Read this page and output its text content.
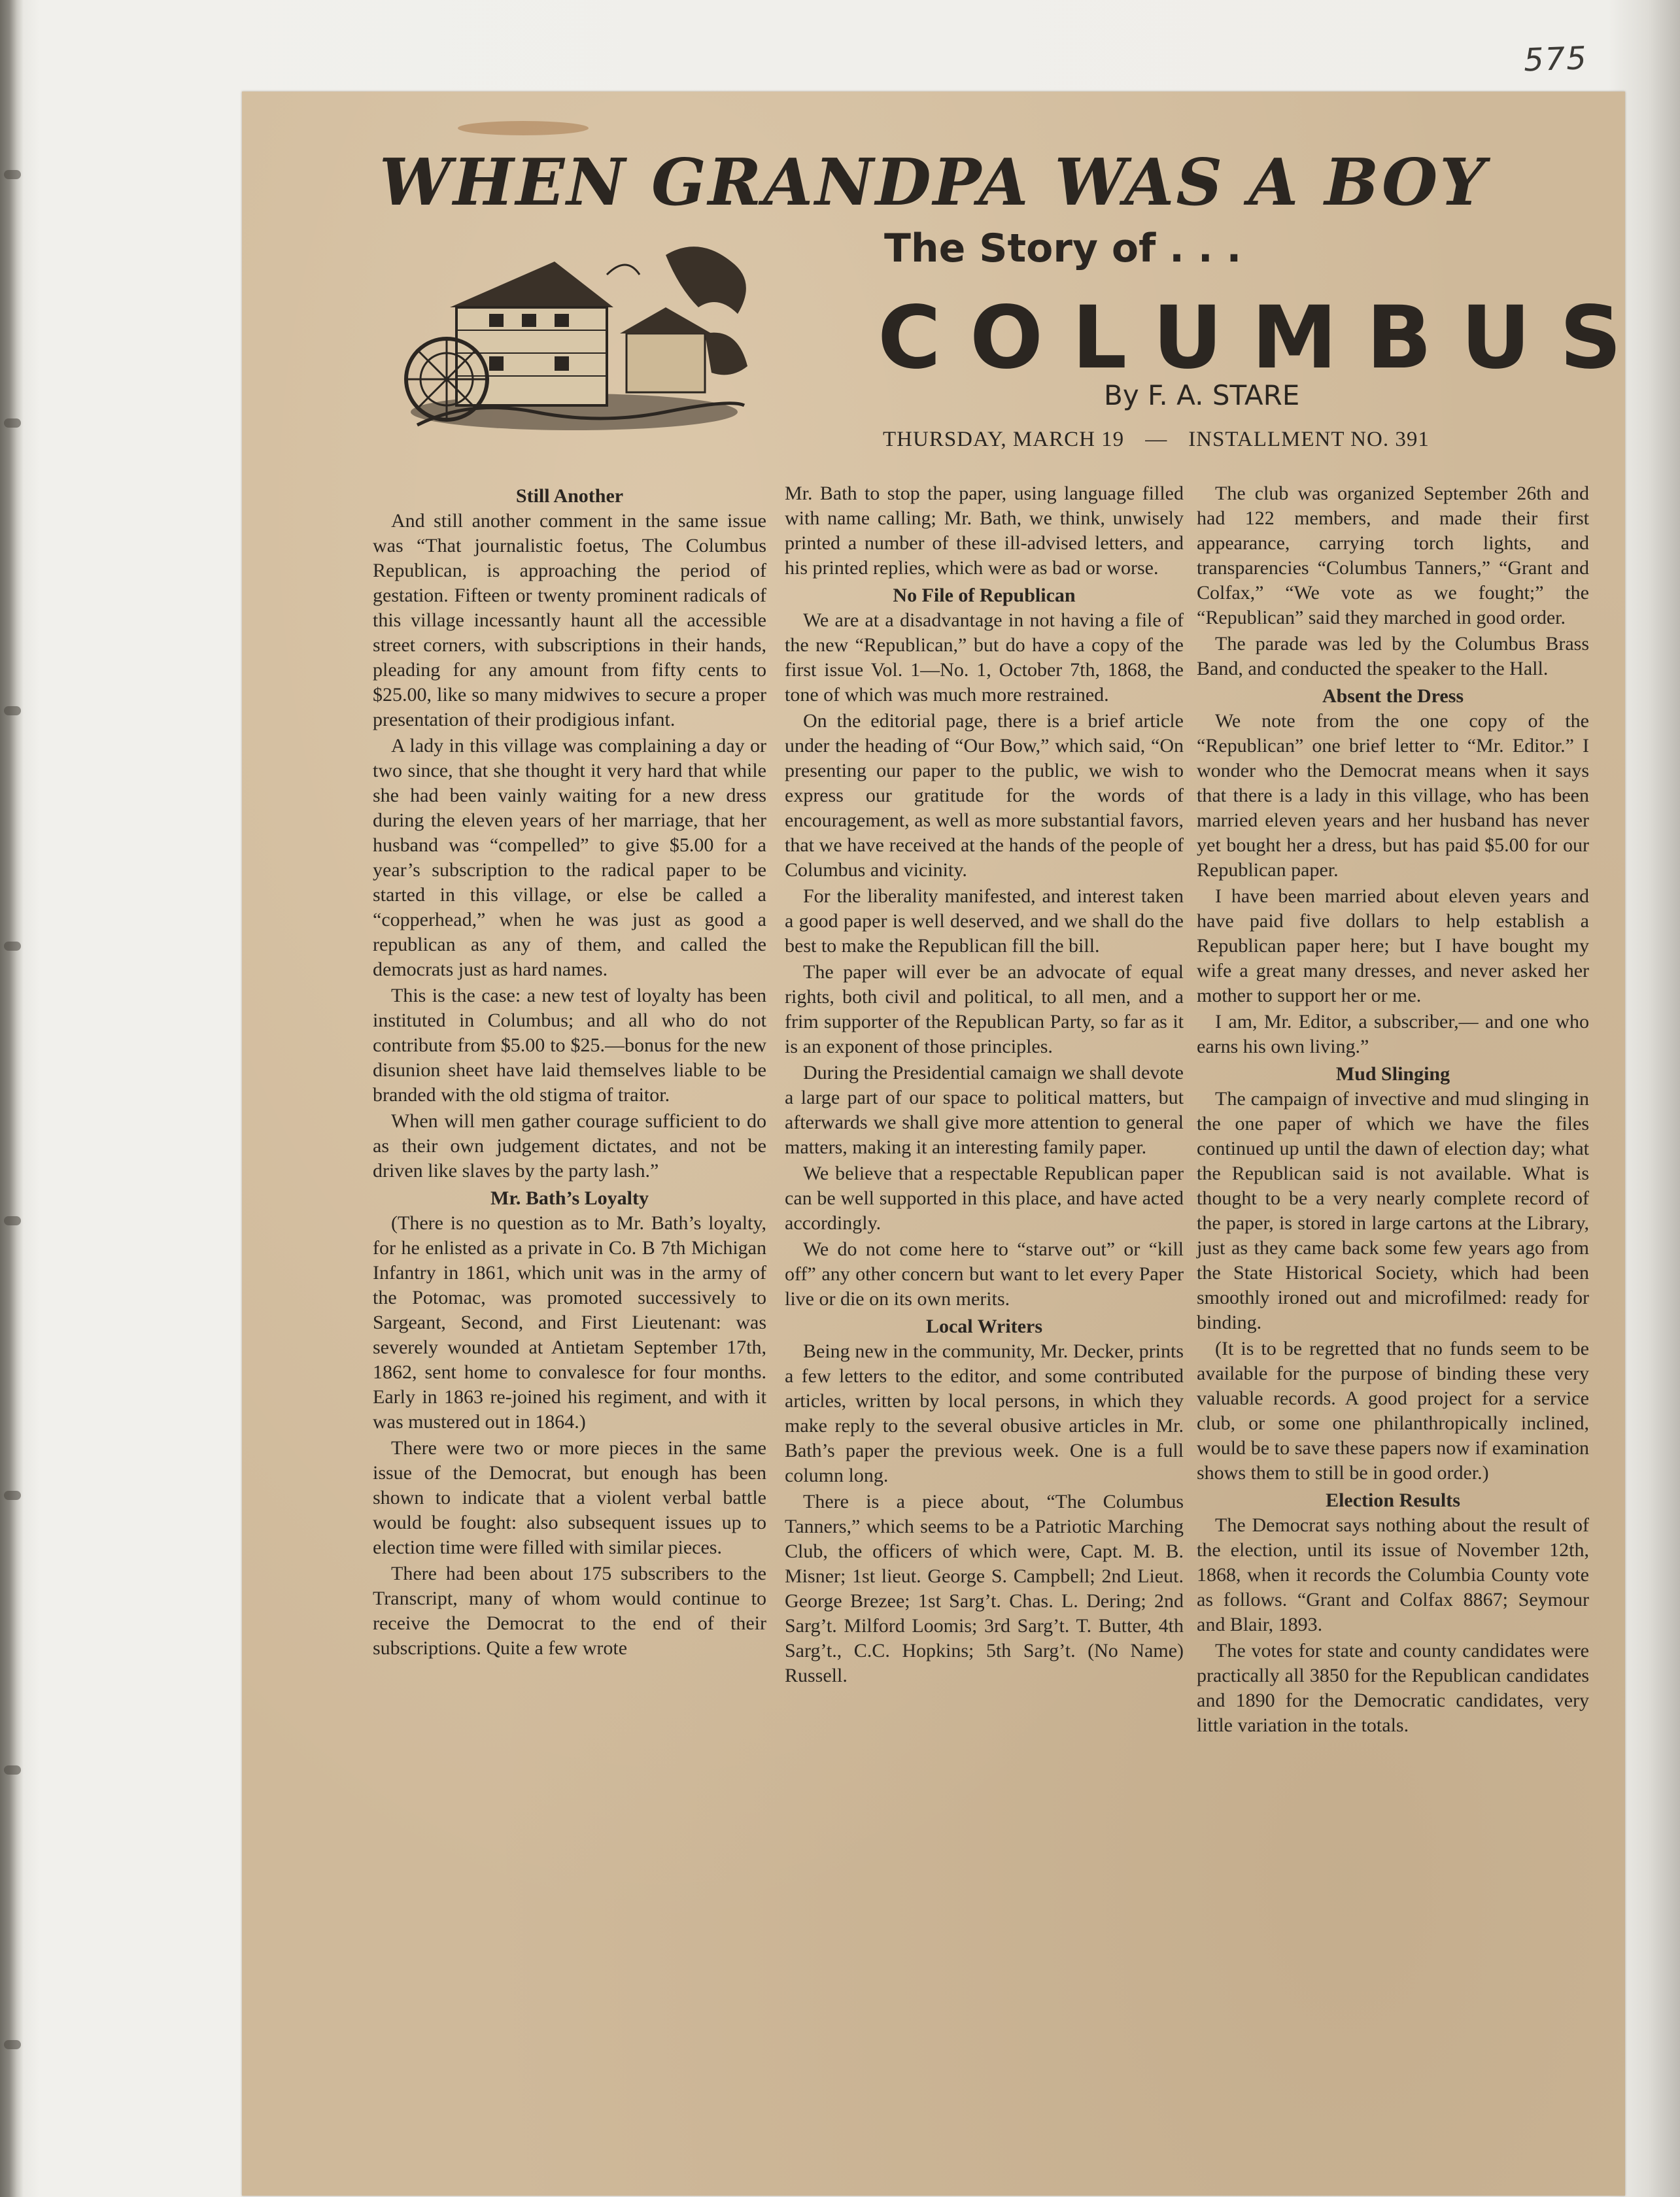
575
WHEN GRANDPA WAS A BOY
The Story of . . .
COLUMBUS
By F. A. STARE
THURSDAY, MARCH 19 — INSTALLMENT NO. 391
Still Another

And still another comment in the same issue was “That journalistic foetus, The Columbus Republican, is approaching the period of gestation. Fifteen or twenty prominent radicals of this village incessantly haunt all the accessible street corners, with subscriptions in their hands, pleading for any amount from fifty cents to $25.00, like so many midwives to secure a proper presentation of their prodigious infant.

A lady in this village was complaining a day or two since, that she thought it very hard that while she had been vainly waiting for a new dress during the eleven years of her marriage, that her husband was “compelled” to give $5.00 for a year’s subscription to the radical paper to be started in this village, or else be called a “copperhead,” when he was just as good a republican as any of them, and called the democrats just as hard names.

This is the case: a new test of loyalty has been instituted in Columbus; and all who do not contribute from $5.00 to $25.—bonus for the new disunion sheet have laid themselves liable to be branded with the old stigma of traitor.

When will men gather courage sufficient to do as their own judgement dictates, and not be driven like slaves by the party lash.”

Mr. Bath’s Loyalty

(There is no question as to Mr. Bath’s loyalty, for he enlisted as a private in Co. B 7th Michigan Infantry in 1861, which unit was in the army of the Potomac, was promoted successively to Sargeant, Second, and First Lieutenant: was severely wounded at Antietam September 17th, 1862, sent home to convalesce for four months. Early in 1863 re-joined his regiment, and with it was mustered out in 1864.)

There were two or more pieces in the same issue of the Democrat, but enough has been shown to indicate that a violent verbal battle would be fought: also subsequent issues up to election time were filled with similar pieces.

There had been about 175 subscribers to the Transcript, many of whom would continue to receive the Democrat to the end of their subscriptions. Quite a few wrote

Mr. Bath to stop the paper, using language filled with name calling; Mr. Bath, we think, unwisely printed a number of these ill-advised letters, and his printed replies, which were as bad or worse.

No File of Republican

We are at a disadvantage in not having a file of the new “Republican,” but do have a copy of the first issue Vol. 1—No. 1, October 7th, 1868, the tone of which was much more restrained.

On the editorial page, there is a brief article under the heading of “Our Bow,” which said, “On presenting our paper to the public, we wish to express our gratitude for the words of encouragement, as well as more substantial favors, that we have received at the hands of the people of Columbus and vicinity.

For the liberality manifested, and interest taken a good paper is well deserved, and we shall do the best to make the Republican fill the bill.

The paper will ever be an advocate of equal rights, both civil and political, to all men, and a frim supporter of the Republican Party, so far as it is an exponent of those principles.

During the Presidential camaign we shall devote a large part of our space to political matters, but afterwards we shall give more attention to general matters, making it an interesting family paper.

We believe that a respectable Republican paper can be well supported in this place, and have acted accordingly.

We do not come here to “starve out” or “kill off” any other concern but want to let every Paper live or die on its own merits.

Local Writers

Being new in the community, Mr. Decker, prints a few letters to the editor, and some contributed articles, written by local persons, in which they make reply to the several obusive articles in Mr. Bath’s paper the previous week. One is a full column long.

There is a piece about, “The Columbus Tanners,” which seems to be a Patriotic Marching Club, the officers of which were, Capt. M. B. Misner; 1st lieut. George S. Campbell; 2nd Lieut. George Brezee; 1st Sarg’t. Chas. L. Dering; 2nd Sarg’t. Milford Loomis; 3rd Sarg’t. T. Butter, 4th Sarg’t., C.C. Hopkins; 5th Sarg’t. (No Name) Russell.

The club was organized September 26th and had 122 members, and made their first appearance, carrying torch lights, and transparencies “Columbus Tanners,” “Grant and Colfax,” “We vote as we fought;” the “Republican” said they marched in good order.

The parade was led by the Columbus Brass Band, and conducted the speaker to the Hall.

Absent the Dress

We note from the one copy of the “Republican” one brief letter to “Mr. Editor.” I wonder who the Democrat means when it says that there is a lady in this village, who has been married eleven years and her husband has never yet bought her a dress, but has paid $5.00 for our Republican paper.

I have been married about eleven years and have paid five dollars to help establish a Republican paper here; but I have bought my wife a great many dresses, and never asked her mother to support her or me.

I am, Mr. Editor, a subscriber,— and one who earns his own living.”

Mud Slinging

The campaign of invective and mud slinging in the one paper of which we have the files continued up until the dawn of election day; what the Republican said is not available. What is thought to be a very nearly complete record of the paper, is stored in large cartons at the Library, just as they came back some few years ago from the State Historical Society, which had been smoothly ironed out and microfilmed: ready for binding.

(It is to be regretted that no funds seem to be available for the purpose of binding these very valuable records. A good project for a service club, or some one philanthropically inclined, would be to save these papers now if examination shows them to still be in good order.)

Election Results

The Democrat says nothing about the result of the election, until its issue of November 12th, 1868, when it records the Columbia County vote as follows. “Grant and Colfax 8867; Seymour and Blair, 1893.

The votes for state and county candidates were practically all 3850 for the Republican candidates and 1890 for the Democratic candidates, very little variation in the totals.
